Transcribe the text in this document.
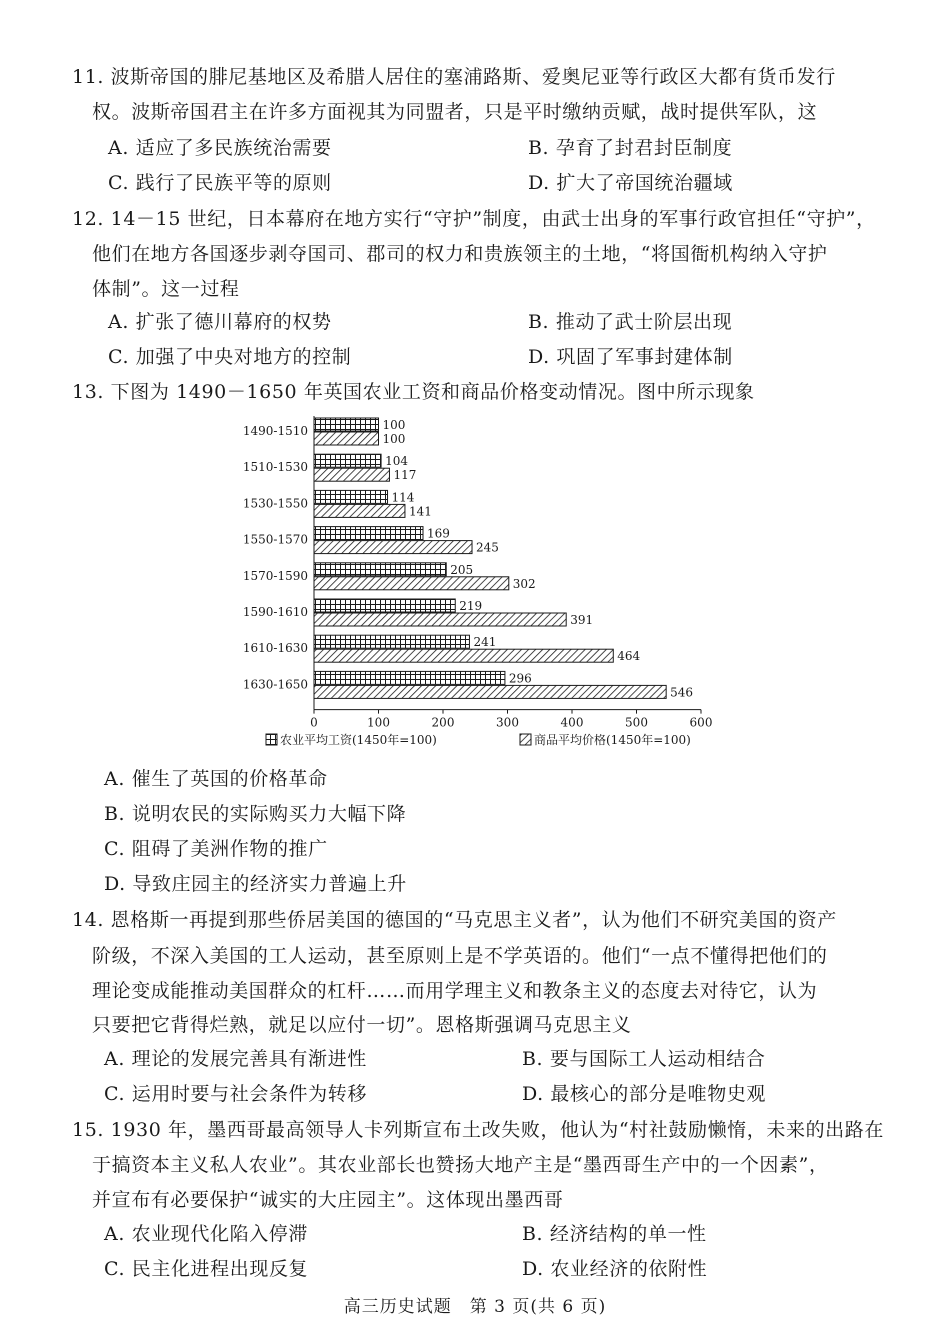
11. 波斯帝国的腓尼基地区及希腊人居住的塞浦路斯、爱奥尼亚等行政区大都有货币发行
权。波斯帝国君主在许多方面视其为同盟者，只是平时缴纳贡赋，战时提供军队，这
A. 适应了多民族统治需要	B. 孕育了封君封臣制度
C. 践行了民族平等的原则	D. 扩大了帝国统治疆域
12. 14－15 世纪，日本幕府在地方实行“守护”制度，由武士出身的军事行政官担任“守护”，
他们在地方各国逐步剥夺国司、郡司的权力和贵族领主的土地，“将国衙机构纳入守护
体制”。这一过程
A. 扩张了德川幕府的权势	B. 推动了武士阶层出现
C. 加强了中央对地方的控制	D. 巩固了军事封建体制
13. 下图为 1490－1650 年英国农业工资和商品价格变动情况。图中所示现象
1490-1510
1510-1530
1530-1550
1550-1570
1570-1590
1590-1610
1610-1630
1630-1650
100
100
104
117
114
141
169
245
205
302
219
391
241
464
296
546
0	100	200	300	400	500	600
农业平均工资(1450年=100)	商品平均价格(1450年=100)
A. 催生了英国的价格革命
B. 说明农民的实际购买力大幅下降
C. 阻碍了美洲作物的推广
D. 导致庄园主的经济实力普遍上升
14. 恩格斯一再提到那些侨居美国的德国的“马克思主义者”，认为他们不研究美国的资产
阶级，不深入美国的工人运动，甚至原则上是不学英语的。他们“一点不懂得把他们的
理论变成能推动美国群众的杠杆……而用学理主义和教条主义的态度去对待它，认为
只要把它背得烂熟，就足以应付一切”。恩格斯强调马克思主义
A. 理论的发展完善具有渐进性	B. 要与国际工人运动相结合
C. 运用时要与社会条件为转移	D. 最核心的部分是唯物史观
15. 1930 年，墨西哥最高领导人卡列斯宣布土改失败，他认为“村社鼓励懒惰，未来的出路在
于搞资本主义私人农业”。其农业部长也赞扬大地产主是“墨西哥生产中的一个因素”，
并宣布有必要保护“诚实的大庄园主”。这体现出墨西哥
A. 农业现代化陷入停滞	B. 经济结构的单一性
C. 民主化进程出现反复	D. 农业经济的依附性
高三历史试题　第 3 页(共 6 页)
